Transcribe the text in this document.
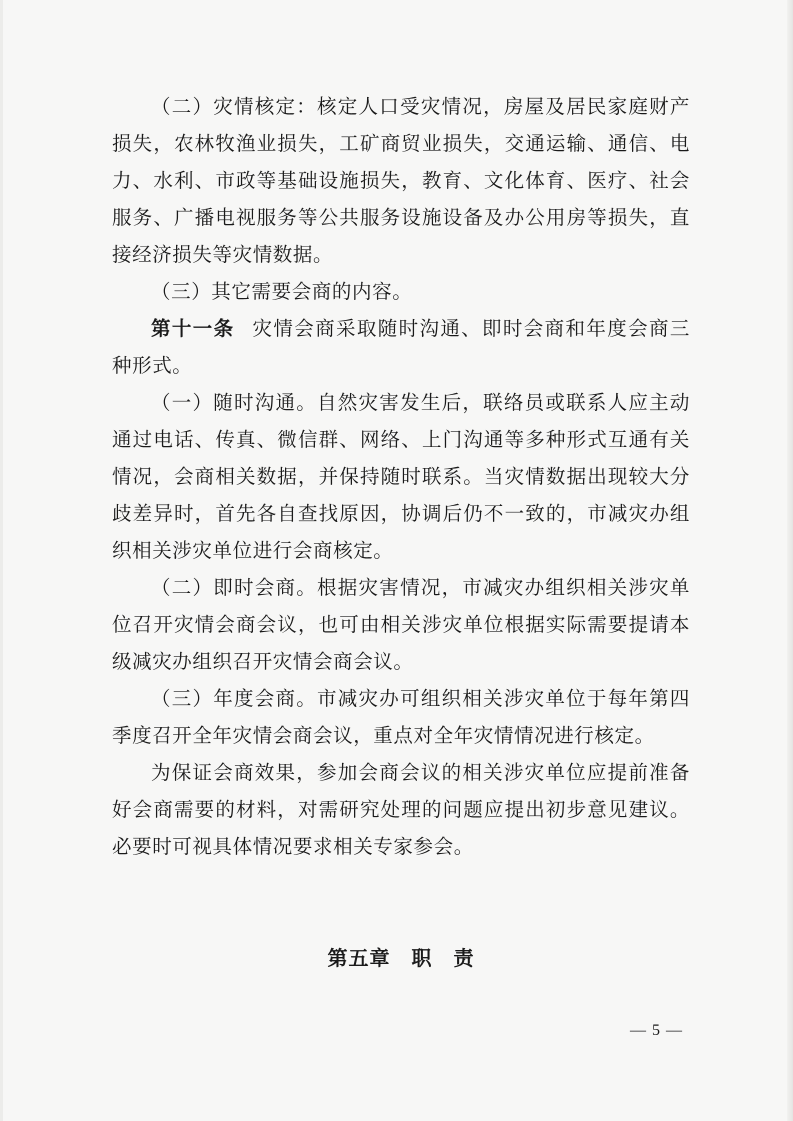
（二）灾情核定：核定人口受灾情况，房屋及居民家庭财产损失，农林牧渔业损失，工矿商贸业损失，交通运输、通信、电力、水利、市政等基础设施损失，教育、文化体育、医疗、社会服务、广播电视服务等公共服务设施设备及办公用房等损失，直接经济损失等灾情数据。

（三）其它需要会商的内容。

第十一条 灾情会商采取随时沟通、即时会商和年度会商三种形式。

（一）随时沟通。自然灾害发生后，联络员或联系人应主动通过电话、传真、微信群、网络、上门沟通等多种形式互通有关情况，会商相关数据，并保持随时联系。当灾情数据出现较大分歧差异时，首先各自查找原因，协调后仍不一致的，市减灾办组织相关涉灾单位进行会商核定。

（二）即时会商。根据灾害情况，市减灾办组织相关涉灾单位召开灾情会商会议，也可由相关涉灾单位根据实际需要提请本级减灾办组织召开灾情会商会议。

（三）年度会商。市减灾办可组织相关涉灾单位于每年第四季度召开全年灾情会商会议，重点对全年灾情情况进行核定。

为保证会商效果，参加会商会议的相关涉灾单位应提前准备好会商需要的材料，对需研究处理的问题应提出初步意见建议。必要时可视具体情况要求相关专家参会。

第五章　职　责

— 5 —
